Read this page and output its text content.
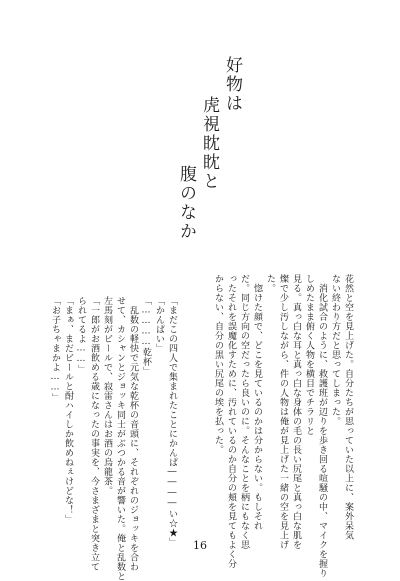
好物は
虎視眈眈と
腹のなか
花然と空を見上げた。自分たちが思っていた以上に、案外呆気
ない終わり方だと思ってしまった。
　消化試合のように、救護班が辺りを歩き回る喧騒の中、マイクを握り
しめたまま俯く人物を横目でチラリと
見る。真っ白な耳と真っ白な身体の毛の長い尻尾と真っ白な肌を
燦で少し汚しながら、件の人物は俺が見上げた一緒の空を見上げ
た。
　惚けた顔で、どこを見ているのかは分からない。もしそれ
だ。同じ方向の空だったら良いのに。そんなことを柄にもなく思
ったそれを誤魔化すために、汚れているのか自分の頬を見てもよく分
からない、自分の黒い尻尾の埃を払った。
「まだこの四人で集まれたことにかんぱ――――い☆★」
「かんぱい」
「…………乾杯」
　乱数の軽快で元気な乾杯の音頭に、それぞれのジョッキを合わ
せて、カシャンとジョッキ同士がぶつかる音が響いた。俺と乱数と
左馬刻がビールで、寂雷さんはお酒の烏龍茶。
「一郎がお酒飲める歳になったの事実を、今さまざまと突き立て
られてるよ……」
「まぁ、まだビールと酎ハイしか飲めねぇけどな！」
「お子ちゃまかよ……」
16
